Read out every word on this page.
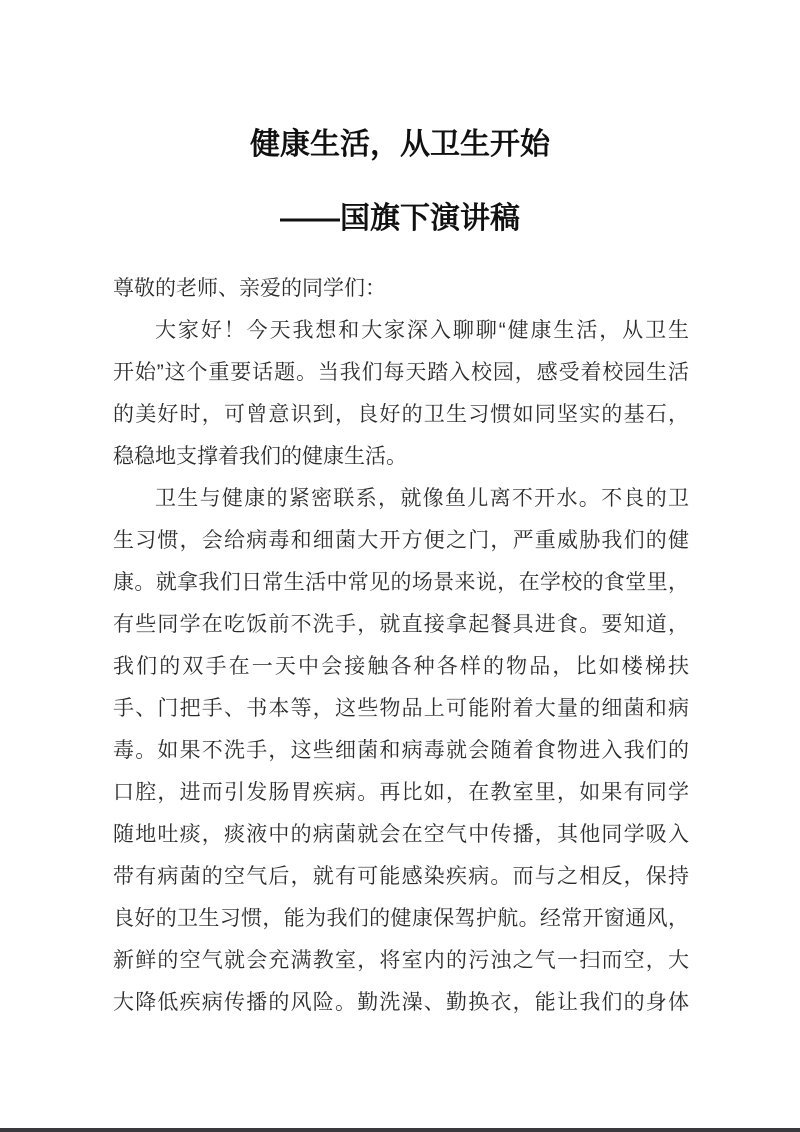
健康生活，从卫生开始
——国旗下演讲稿
尊敬的老师、亲爱的同学们：
大家好！今天我想和大家深入聊聊“健康生活，从卫生
开始”这个重要话题。当我们每天踏入校园，感受着校园生活
的美好时，可曾意识到，良好的卫生习惯如同坚实的基石，
稳稳地支撑着我们的健康生活。
卫生与健康的紧密联系，就像鱼儿离不开水。不良的卫
生习惯，会给病毒和细菌大开方便之门，严重威胁我们的健
康。就拿我们日常生活中常见的场景来说，在学校的食堂里，
有些同学在吃饭前不洗手，就直接拿起餐具进食。要知道，
我们的双手在一天中会接触各种各样的物品，比如楼梯扶
手、门把手、书本等，这些物品上可能附着大量的细菌和病
毒。如果不洗手，这些细菌和病毒就会随着食物进入我们的
口腔，进而引发肠胃疾病。再比如，在教室里，如果有同学
随地吐痰，痰液中的病菌就会在空气中传播，其他同学吸入
带有病菌的空气后，就有可能感染疾病。而与之相反，保持
良好的卫生习惯，能为我们的健康保驾护航。经常开窗通风，
新鲜的空气就会充满教室，将室内的污浊之气一扫而空，大
大降低疾病传播的风险。勤洗澡、勤换衣，能让我们的身体
